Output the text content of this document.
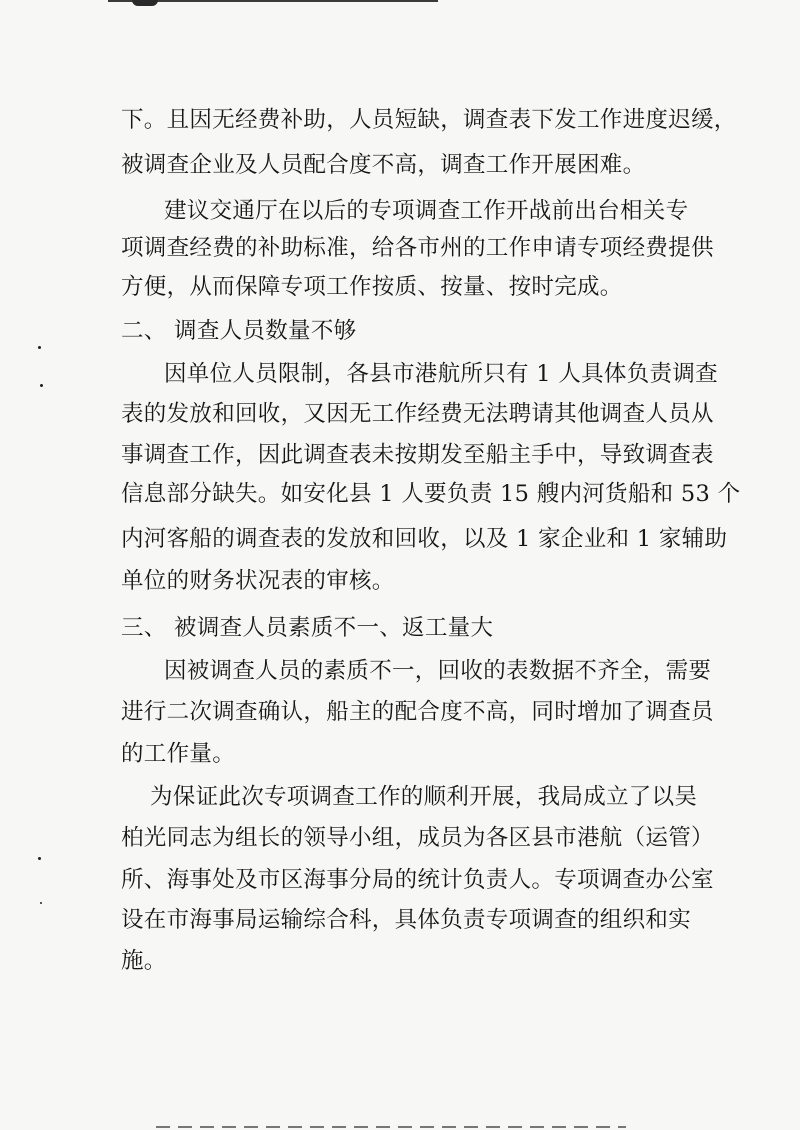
下。且因无经费补助，人员短缺，调查表下发工作进度迟缓，
被调查企业及人员配合度不高，调查工作开展困难。
建议交通厅在以后的专项调查工作开战前出台相关专
项调查经费的补助标准，给各市州的工作申请专项经费提供
方便，从而保障专项工作按质、按量、按时完成。
二、 调查人员数量不够
因单位人员限制，各县市港航所只有 1 人具体负责调查
表的发放和回收，又因无工作经费无法聘请其他调查人员从
事调查工作，因此调查表未按期发至船主手中，导致调查表
信息部分缺失。如安化县 1 人要负责 15 艘内河货船和 53 个
内河客船的调查表的发放和回收，以及 1 家企业和 1 家辅助
单位的财务状况表的审核。
三、 被调查人员素质不一、返工量大
因被调查人员的素质不一，回收的表数据不齐全，需要
进行二次调查确认，船主的配合度不高，同时增加了调查员
的工作量。
为保证此次专项调查工作的顺利开展，我局成立了以吴
柏光同志为组长的领导小组，成员为各区县市港航（运管）
所、海事处及市区海事分局的统计负责人。专项调查办公室
设在市海事局运输综合科，具体负责专项调查的组织和实
施。
